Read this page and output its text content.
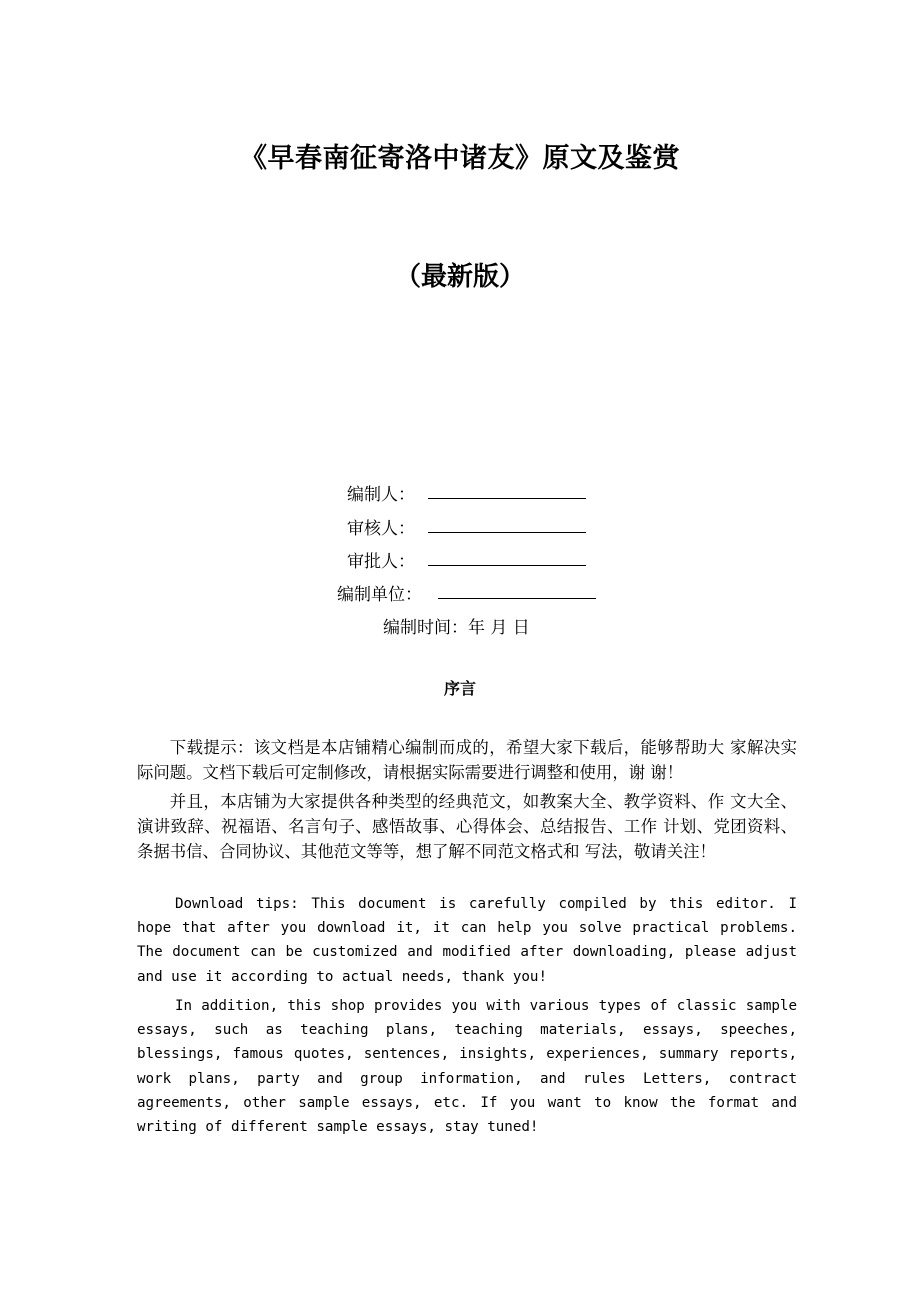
《早春南征寄洛中诸友》原文及鉴赏
（最新版）
编制人：
审核人：
审批人：
编制单位：
编制时间：年 月 日
序言

下载提示：该文档是本店铺精心编制而成的，希望大家下载后，能够帮助大 家解决实际问题。文档下载后可定制修改，请根据实际需要进行调整和使用，谢 谢！

并且，本店铺为大家提供各种类型的经典范文，如教案大全、教学资料、作 文大全、演讲致辞、祝福语、名言句子、感悟故事、心得体会、总结报告、工作 计划、党团资料、条据书信、合同协议、其他范文等等，想了解不同范文格式和 写法，敬请关注！

Download tips: This document is carefully compiled by this editor. I hope that after you download it, it can help you solve practical problems. The document can be customized and modified after downloading, please adjust and use it according to actual needs, thank you!

In addition, this shop provides you with various types of classic sample essays, such as teaching plans, teaching materials, essays, speeches, blessings, famous quotes, sentences, insights, experiences, summary reports, work plans, party and group information, and rules Letters, contract agreements, other sample essays, etc. If you want to know the format and writing of different sample essays, stay tuned!
